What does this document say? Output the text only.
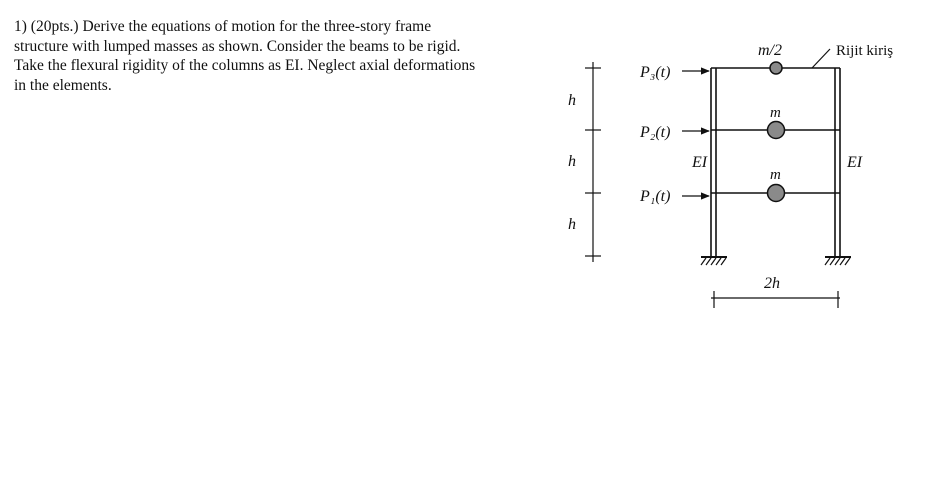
1) (20pts.) Derive the equations of motion for the three-story frame

structure with lumped masses as shown. Consider the beams to be rigid.

Take the flexural rigidity of the columns as EI. Neglect axial deformations

in the elements.

h
h
h
m/2
m
m
P₃(t)
P₂(t)
P₁(t)
EI	EI
Rijit kiriş
2h
